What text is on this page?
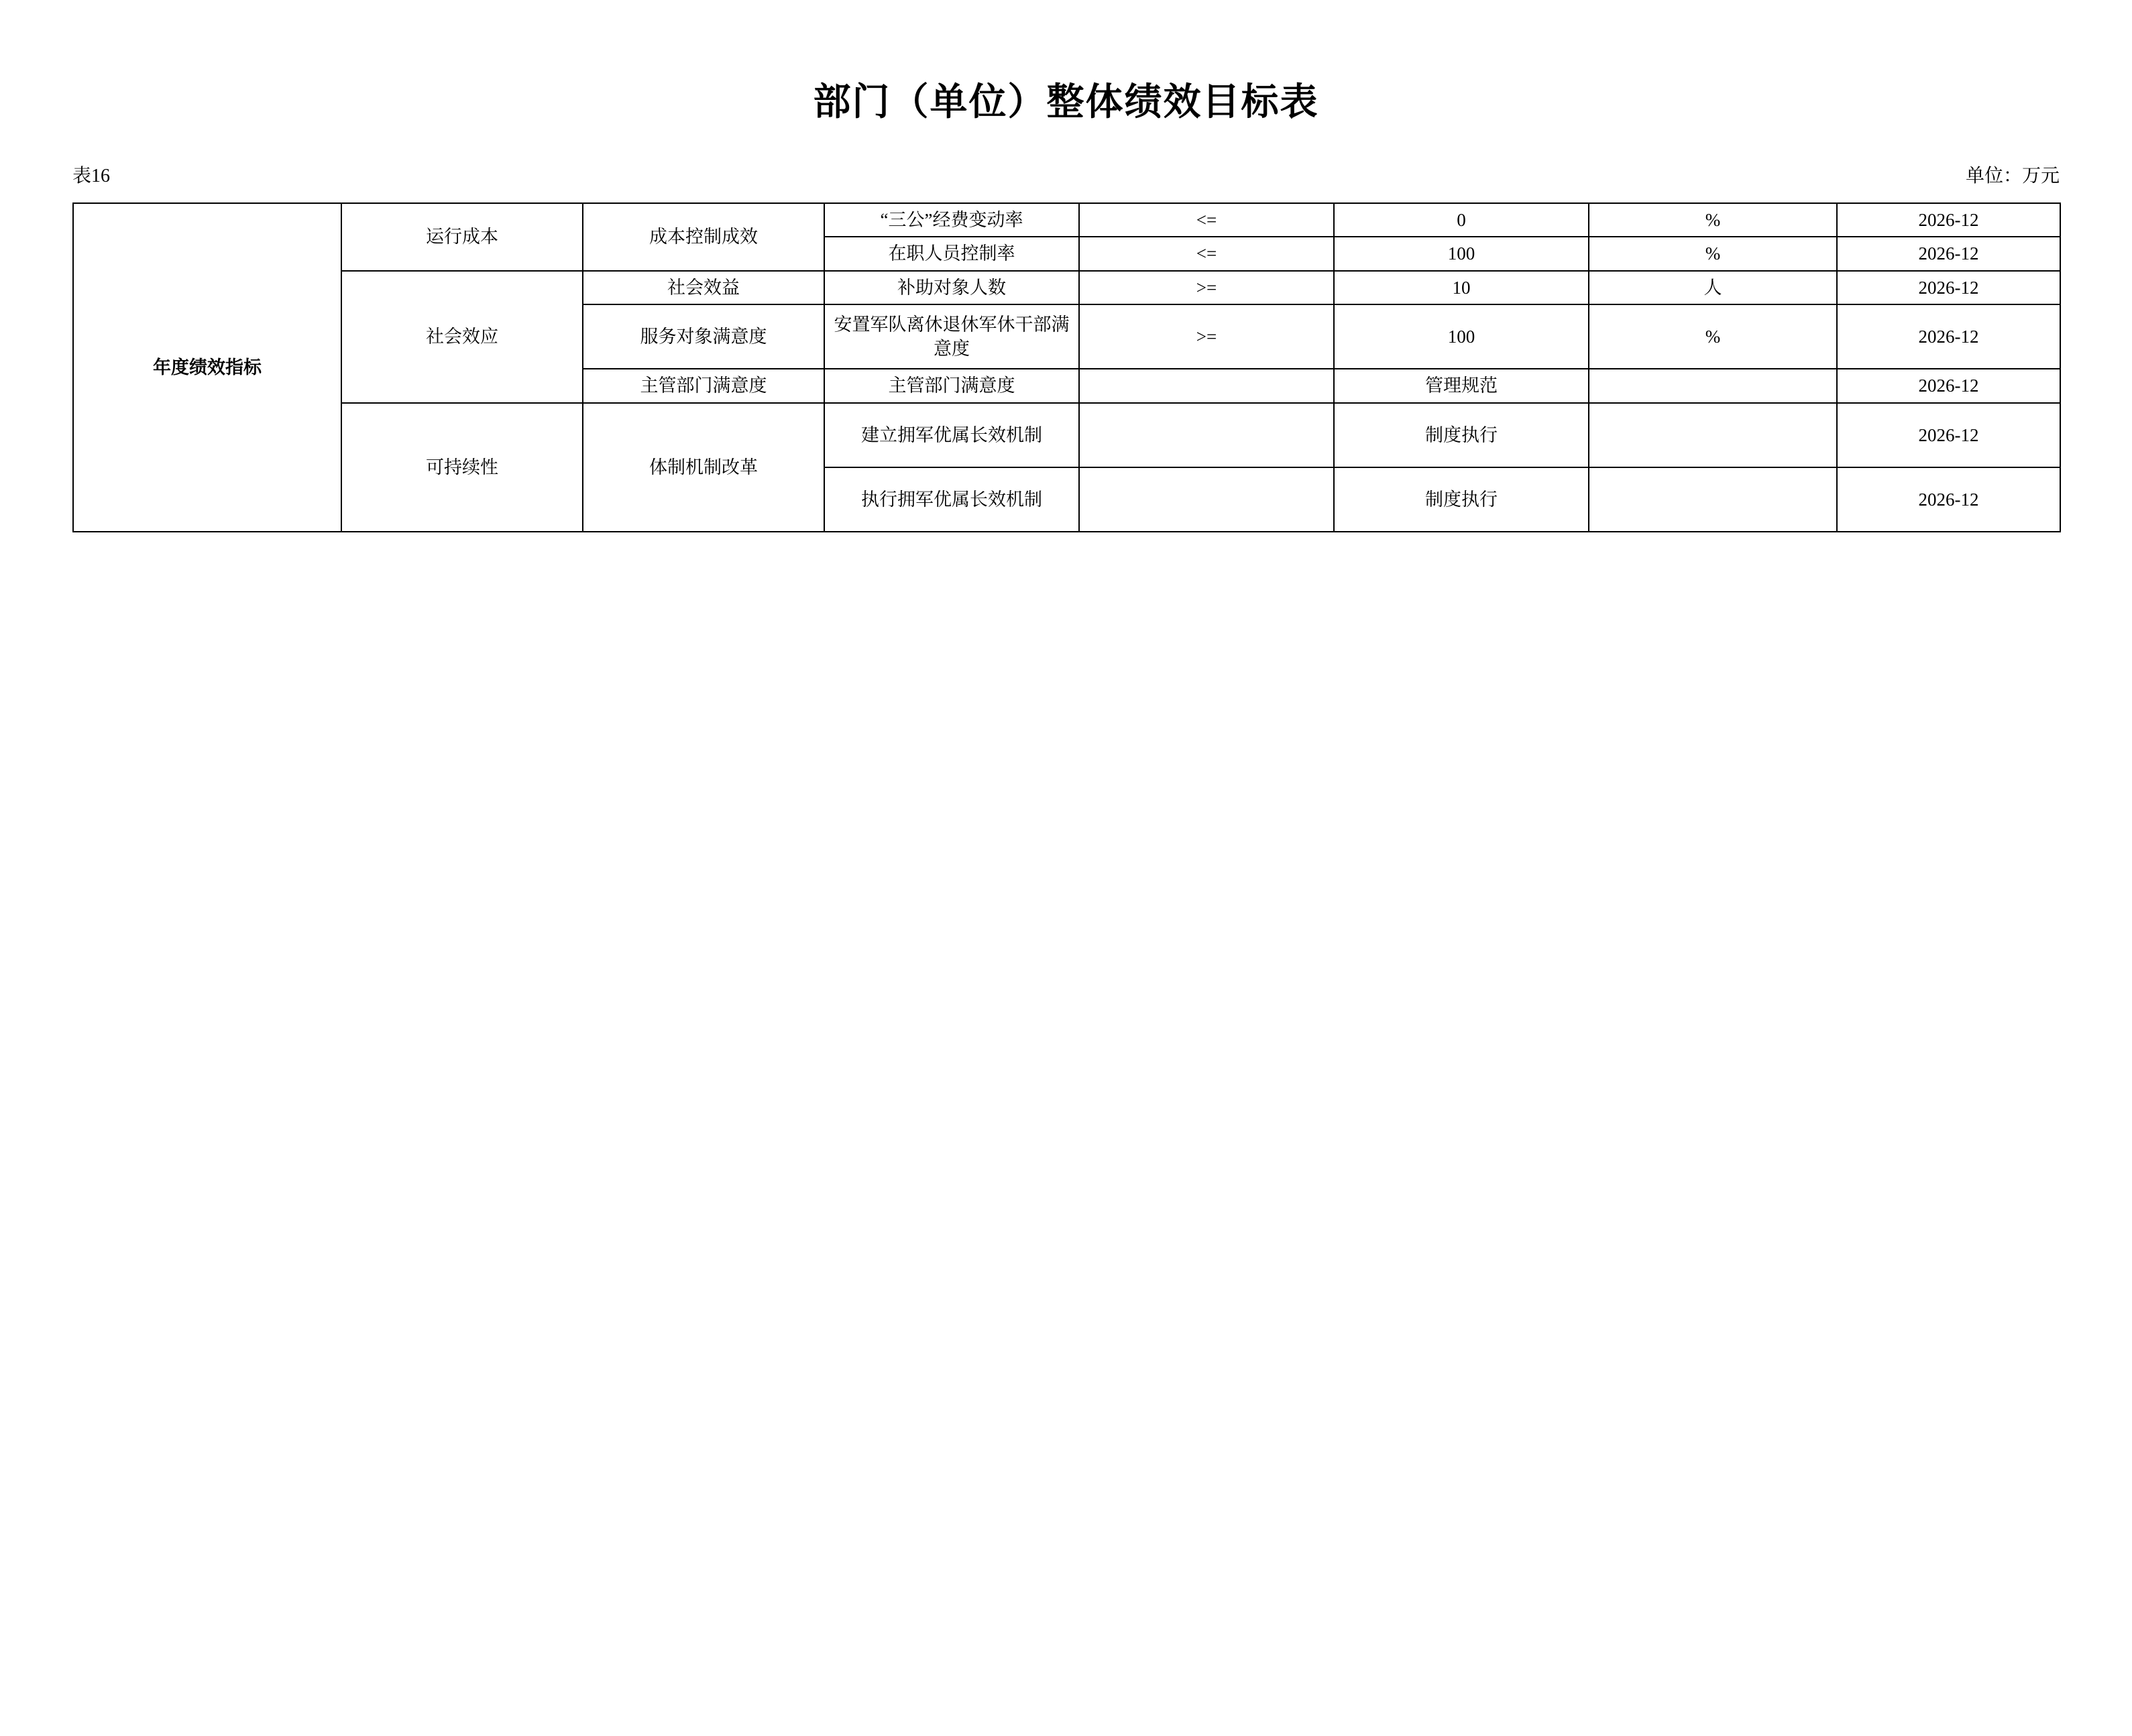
部门（单位）整体绩效目标表
表16	单位：万元
年度绩效指标	运行成本	成本控制成效	“三公”经费变动率	<=	0	%	2026-12
			在职人员控制率	<=	100	%	2026-12
	社会效应	社会效益	补助对象人数	>=	10	人	2026-12
		服务对象满意度	安置军队离休退休军休干部满意度	>=	100	%	2026-12
		主管部门满意度	主管部门满意度		管理规范		2026-12
	可持续性	体制机制改革	建立拥军优属长效机制		制度执行		2026-12
			执行拥军优属长效机制		制度执行		2026-12
